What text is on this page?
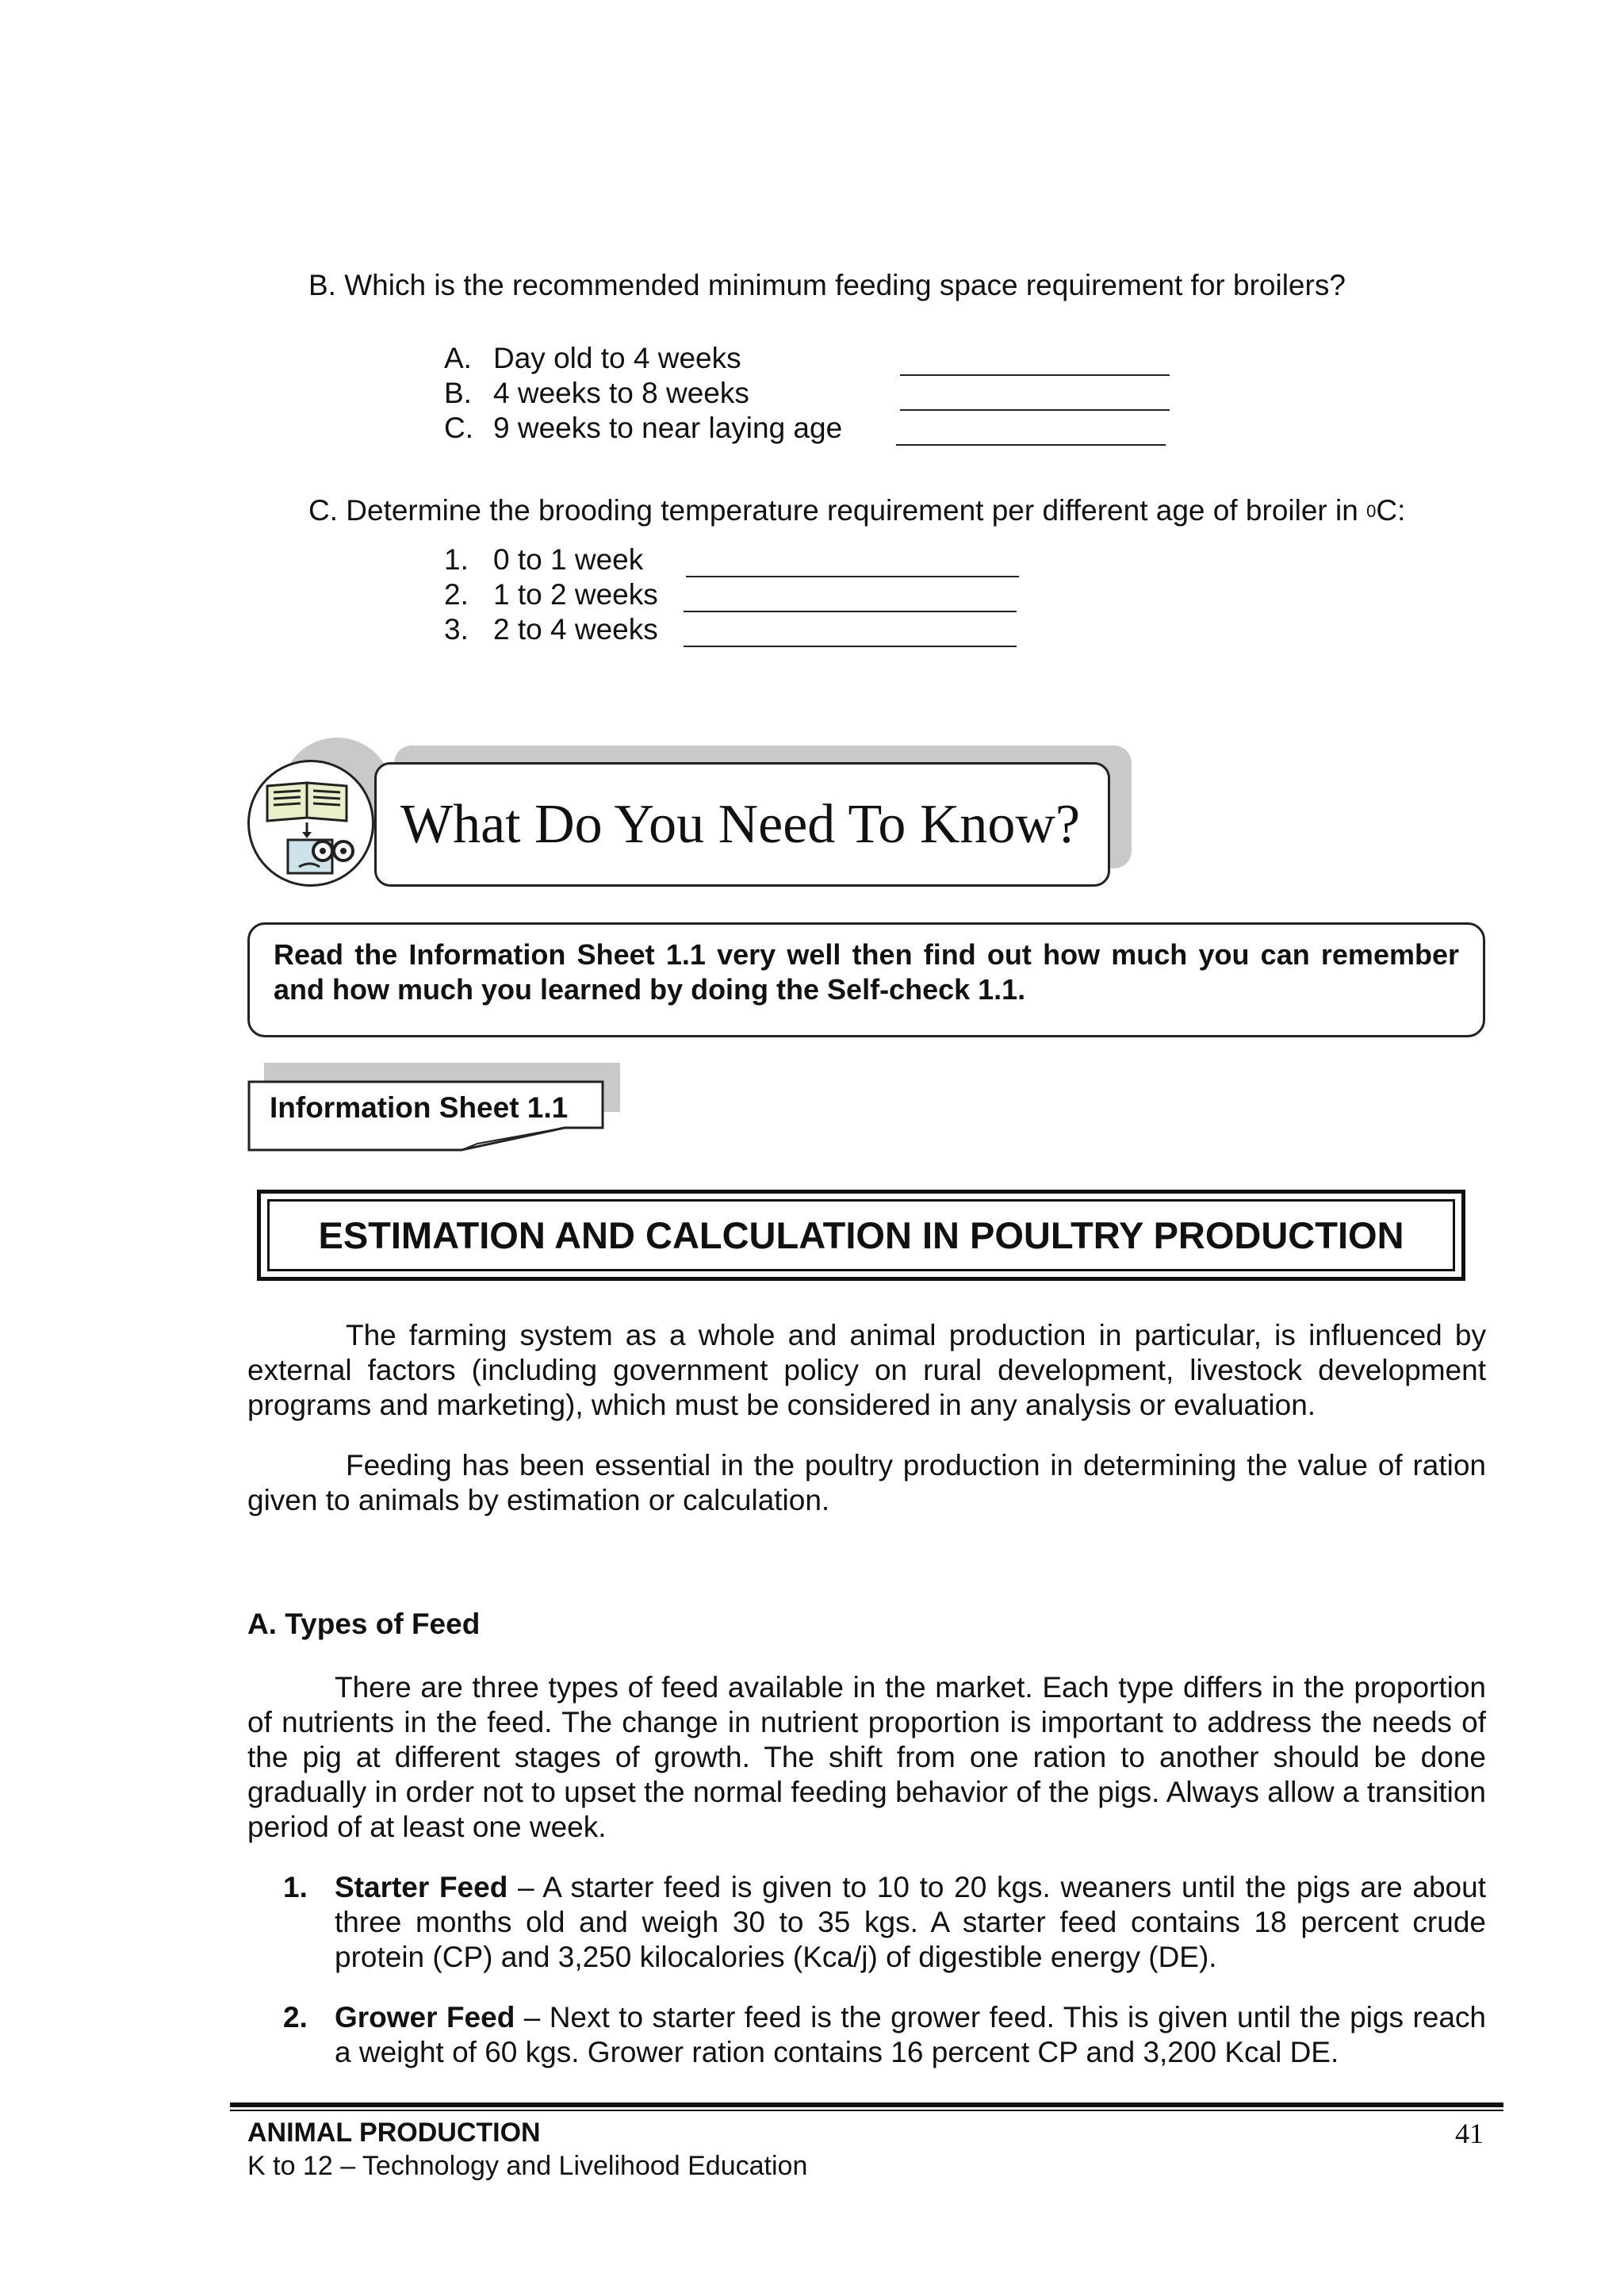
B. Which is the recommended minimum feeding space requirement for broilers?
A. Day old to 4 weeks
B. 4 weeks to 8 weeks
C. 9 weeks to near laying age
C. Determine the brooding temperature requirement per different age of broiler in $^0$C:
1. 0 to 1 week
2. 1 to 2 weeks
3. 2 to 4 weeks
What Do You Need To Know?
Read the Information Sheet 1.1 very well then find out how much you can remember and how much you learned by doing the Self-check 1.1.
Information Sheet 1.1
ESTIMATION AND CALCULATION IN POULTRY PRODUCTION
The farming system as a whole and animal production in particular, is influenced by external factors (including government policy on rural development, livestock development programs and marketing), which must be considered in any analysis or evaluation.
Feeding has been essential in the poultry production in determining the value of ration given to animals by estimation or calculation.
A. Types of Feed
There are three types of feed available in the market. Each type differs in the proportion of nutrients in the feed. The change in nutrient proportion is important to address the needs of the pig at different stages of growth. The shift from one ration to another should be done gradually in order not to upset the normal feeding behavior of the pigs. Always allow a transition period of at least one week.
1. Starter Feed – A starter feed is given to 10 to 20 kgs. weaners until the pigs are about three months old and weigh 30 to 35 kgs. A starter feed contains 18 percent crude protein (CP) and 3,250 kilocalories (Kca/j) of digestible energy (DE).
2. Grower Feed – Next to starter feed is the grower feed. This is given until the pigs reach a weight of 60 kgs. Grower ration contains 16 percent CP and 3,200 Kcal DE.
ANIMAL PRODUCTION
K to 12 – Technology and Livelihood Education
41
